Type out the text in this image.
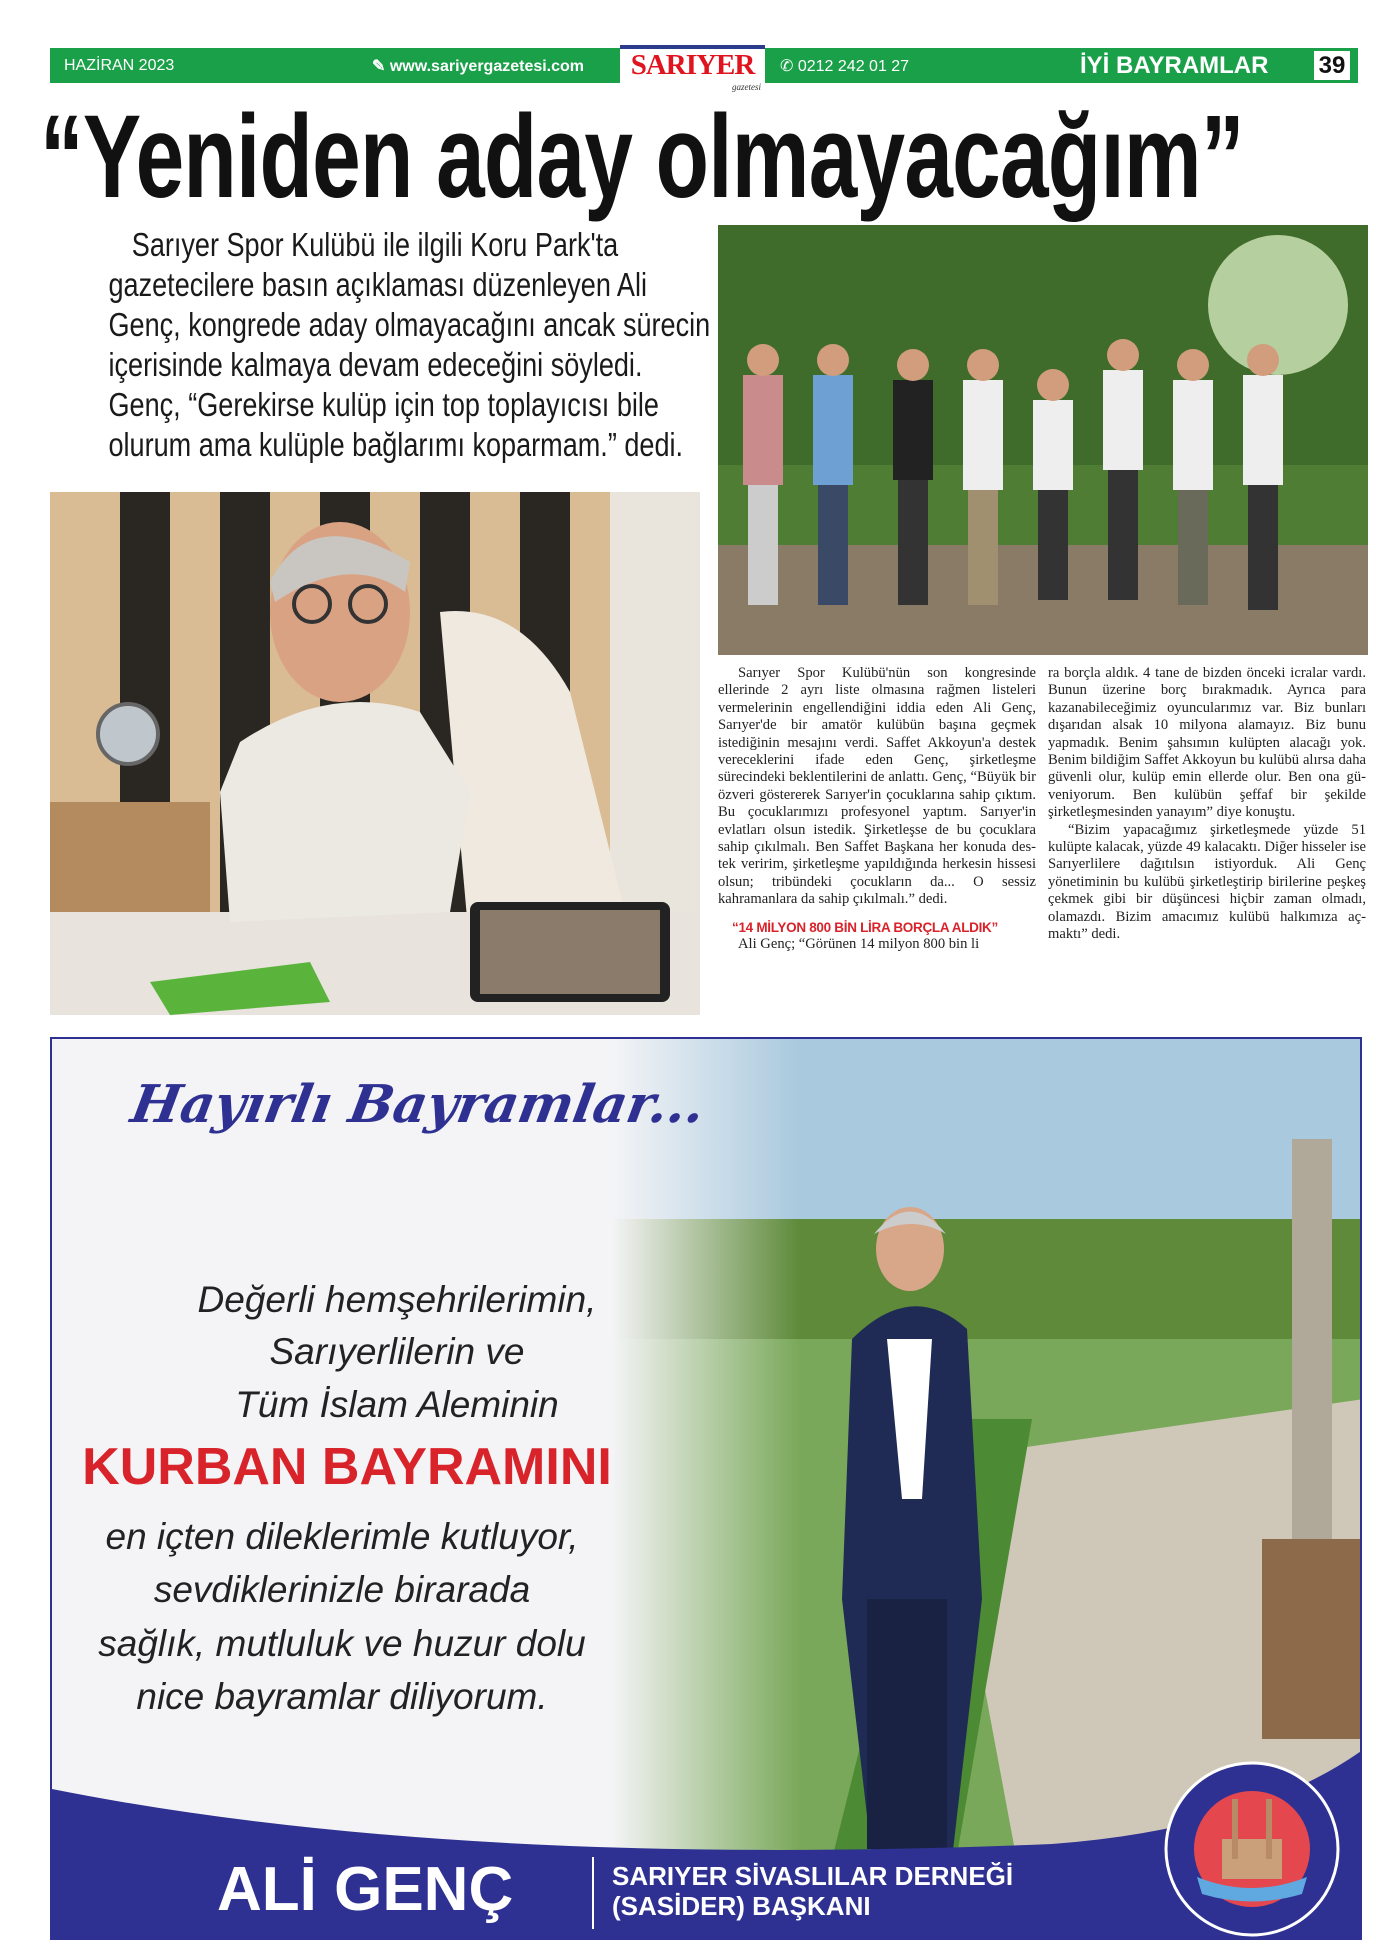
HAZİRAN 2023	✎ www.sariyergazetesi.com	SARIYER
gazetesi
✆ 0212 242 01 27	İYİ BAYRAMLAR 39
“Yeniden aday olmayacağım”
Sarıyer Spor Kulübü ile ilgili Koru Park'ta
gazetecilere basın açıklaması düzenleyen Ali
Genç, kongrede aday olmayacağını ancak sürecin
içerisinde kalmaya devam edeceğini söyledi.
Genç, “Gerekirse kulüp için top toplayıcısı bile
olurum ama kulüple bağlarımı koparmam.” dedi.

Sarıyer Spor Kulübü'nün son kongresinde ellerinde 2 ayrı liste olmasına rağmen listeleri vermelerinin engellendiğini iddia eden Ali Genç, Sarıyer'de bir amatör kulübün başına geçmek istediğinin mesajını verdi. Saffet Akkoyun'a destek vereceklerini ifade eden Genç, şirketleşme sürecindeki beklentilerini de anlattı. Genç, “Büyük bir özveri göstererek Sarıyer'in çocuklarına sahip çıktım. Bu çocuklarımızı profesyonel yaptım. Sarıyer'in evlatları olsun istedik. Şirketleşse de bu çocuklara sahip çıkılmalı. Ben Saffet Başkana her konuda destek veririm, şirketleşme yapıldığında herkesin hissesi olsun; tribündeki çocukların da... O sessiz kahramanlara da sahip çıkılmalı.” dedi.

“14 MİLYON 800 BİN LİRA BORÇLA ALDIK”

Ali Genç; “Görünen 14 milyon 800 bin li

ra borçla aldık. 4 tane de bizden önceki icralar vardı. Bunun üzerine borç bırakmadık. Ayrıca para kazanabileceğimiz oyuncularımız var. Biz bunları dışarıdan alsak 10 milyona alamayız. Biz bunu yapmadık. Benim şahsımın kulüpten alacağı yok. Benim bildiğim Saffet Akkoyun bu kulübü alırsa daha güvenli olur, kulüp emin ellerde olur. Ben ona güveniyorum. Ben kulübün şeffaf bir şekilde şirketleşmesinden yanayım” diye konuştu.

“Bizim yapacağımız şirketleşmede yüzde 51 kulüpte kalacak, yüzde 49 kalacaktı. Diğer hisseler ise Sarıyerlilere dağıtılsın istiyorduk. Ali Genç yönetiminin bu kulübü şirketleştirip birilerine peşkeş çekmek gibi bir düşüncesi hiçbir zaman olmadı, olamazdı. Bizim amacımız kulübü halkımıza açmaktı” dedi.

Hayırlı Bayramlar...
Değerli hemşehrilerimin,
Sarıyerlilerin ve
Tüm İslam Aleminin
KURBAN BAYRAMINI
en içten dileklerimle kutluyor,
sevdiklerinizle birarada
sağlık, mutluluk ve huzur dolu
nice bayramlar diliyorum.
ALİ GENÇ	SARIYER SİVASLILAR DERNEĞİ
(SASİDER) BAŞKANI
